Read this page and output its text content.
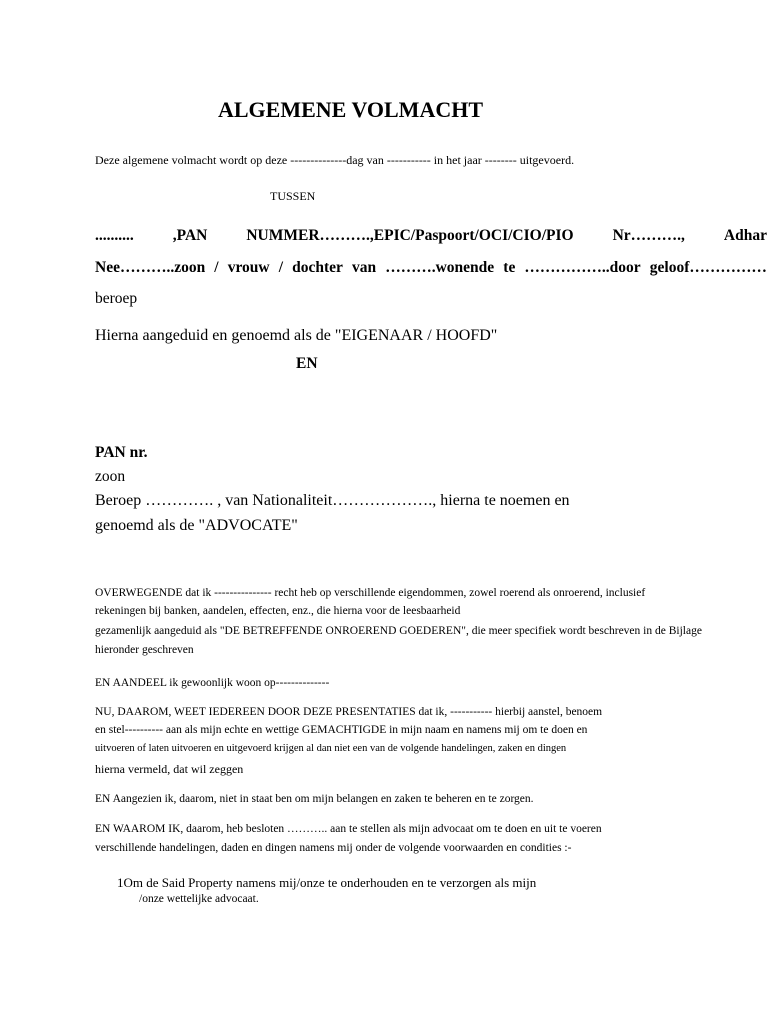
ALGEMENE VOLMACHT
Deze algemene volmacht wordt op deze --------------dag van ----------- in het jaar -------- uitgevoerd.
TUSSEN
..........	,PAN	NUMMER……….,EPIC/Paspoort/OCI/CIO/PIO	Nr……….,	Adhar
Nee………..zoon / vrouw / dochter van ……….wonende te ……………..door geloof……………
beroep
Hierna aangeduid en genoemd als de "EIGENAAR / HOOFD"
EN
PAN nr.
zoon
Beroep …………. , van Nationaliteit………………., hierna te noemen en
genoemd als de "ADVOCATE"
OVERWEGENDE dat ik --------------- recht heb op verschillende eigendommen, zowel roerend als onroerend, inclusief
rekeningen bij banken, aandelen, effecten, enz., die hierna voor de leesbaarheid
gezamenlijk aangeduid als "DE BETREFFENDE ONROEREND GOEDEREN", die meer specifiek wordt beschreven in de Bijlage
hieronder geschreven
EN AANDEEL ik gewoonlijk woon op--------------
NU, DAAROM, WEET IEDEREEN DOOR DEZE PRESENTATIES dat ik, ----------- hierbij aanstel, benoem
en stel---------- aan als mijn echte en wettige GEMACHTIGDE in mijn naam en namens mij om te doen en
uitvoeren of laten uitvoeren en uitgevoerd krijgen al dan niet een van de volgende handelingen, zaken en dingen
hierna vermeld, dat wil zeggen
EN Aangezien ik, daarom, niet in staat ben om mijn belangen en zaken te beheren en te zorgen.
EN WAAROM IK, daarom, heb besloten ……….. aan te stellen als mijn advocaat om te doen en uit te voeren
verschillende handelingen, daden en dingen namens mij onder de volgende voorwaarden en condities :-
1Om de Said Property namens mij/onze te onderhouden en te verzorgen als mijn
/onze wettelijke advocaat.
